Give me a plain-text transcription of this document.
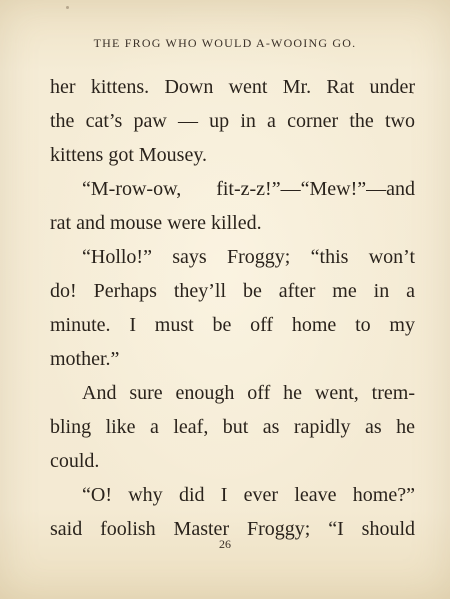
THE FROG WHO WOULD A-WOOING GO.
her kittens. Down went Mr. Rat under
the cat’s paw — up in a corner the two
kittens got Mousey.
“M-row-ow, fit-z-z!”—“Mew!”—and
rat and mouse were killed.
“Hollo!” says Froggy; “this won’t
do! Perhaps they’ll be after me in a
minute. I must be off home to my
mother.”
And sure enough off he went, trem-
bling like a leaf, but as rapidly as he
could.
“O! why did I ever leave home?”
said foolish Master Froggy; “I should
26
